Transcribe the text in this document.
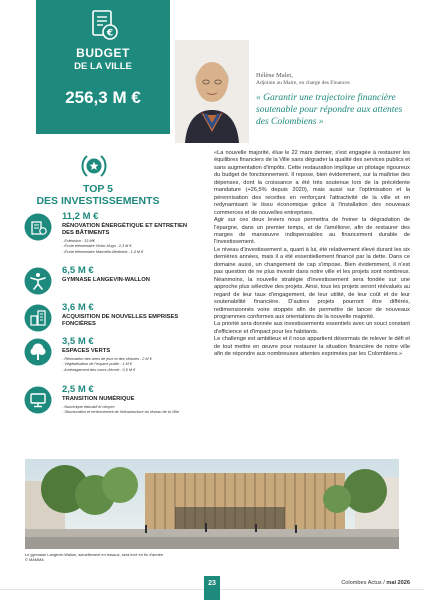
€
BUDGET
DE LA VILLE
256,3 M €
Hélène Malet,
Adjointe au Maire, en charge des Finances
« Garantir une trajectoire financière soutenable pour répondre aux attentes des Colombiens »
TOP 5
DES INVESTISSEMENTS
11,2 M €
RÉNOVATION ÉNERGÉTIQUE ET ENTRETIEN DES BÂTIMENTS
- Extension : 33 M€
- École élémentaire Victor-Hugo : 2,3 M €
- École élémentaire Marcellin-Berthelot : 1,4 M €
6,5 M €
GYMNASE LANGEVIN-WALLON
3,6 M €
ACQUISITION DE NOUVELLES EMPRISES FONCIÈRES
3,5 M €
ESPACES VERTS
- Rénovation des aires de jeux et des clôtures : 2 M €
- Végétalisation de l'espace public : 1 M €
- Aménagement des cours d'école : 0,5 M €
2,5 M €
TRANSITION NUMÉRIQUE
- Numérique éducatif et citoyen
- Structuration et renforcement de l'infrastructure du réseau de la Ville

«La nouvelle majorité, élue le 22 mars dernier, s'est engagée à restaurer les équilibres financiers de la Ville sans dégrader la qualité des services publics et sans augmentation d'impôts. Cette restauration implique un pilotage rigoureux du budget de fonctionnement. Il repose, bien évidemment, sur la maîtrise des dépenses, dont la croissance a été très soutenue lors de la précédente mandature (+26,5% depuis 2020), mais aussi sur l'optimisation et la pérennisation des recettes en renforçant l'attractivité de la ville et en redynamisant le tissu économique grâce à l'installation des nouveaux commerces et de nouvelles entreprises.

Agir sur ces deux leviers nous permettra de freiner la dégradation de l'épargne, dans un premier temps, et de l'améliorer, afin de restaurer des marges de manœuvre indispensables au financement durable de l'investissement.

Le niveau d'investissement a, quant à lui, été relativement élevé durant les six dernières années, mais il a été essentiellement financé par la dette. Dans ce domaine aussi, un changement de cap s'impose. Bien évidemment, il n'est pas question de ne plus investir dans notre ville et les projets sont nombreux. Néanmoins, la nouvelle stratégie d'investissement sera fondée sur une approche plus sélective des projets. Ainsi, tous les projets seront réévalués au regard de leur taux d'engagement, de leur utilité, de leur coût et de leur soutenabilité financière. D'autres projets pourront être différés, redimensionnés voire stoppés afin de permettre de lancer de nouveaux programmes conformes aux orientations de la nouvelle majorité.

La priorité sera donnée aux investissements essentiels avec un souci constant d'efficience et d'impact pour les habitants.

Le challenge est ambitieux et il nous appartient désormais de relever le défi et de tout mettre en œuvre pour restaurer la situation financière de notre ville afin de répondre aux nombreuses attentes exprimées par les Colombiens.»

Le gymnase Langevin-Wallon, actuellement en travaux, sera livré en fin d'année.
© MAMMA
23	Colombes Actus / mai 2026
